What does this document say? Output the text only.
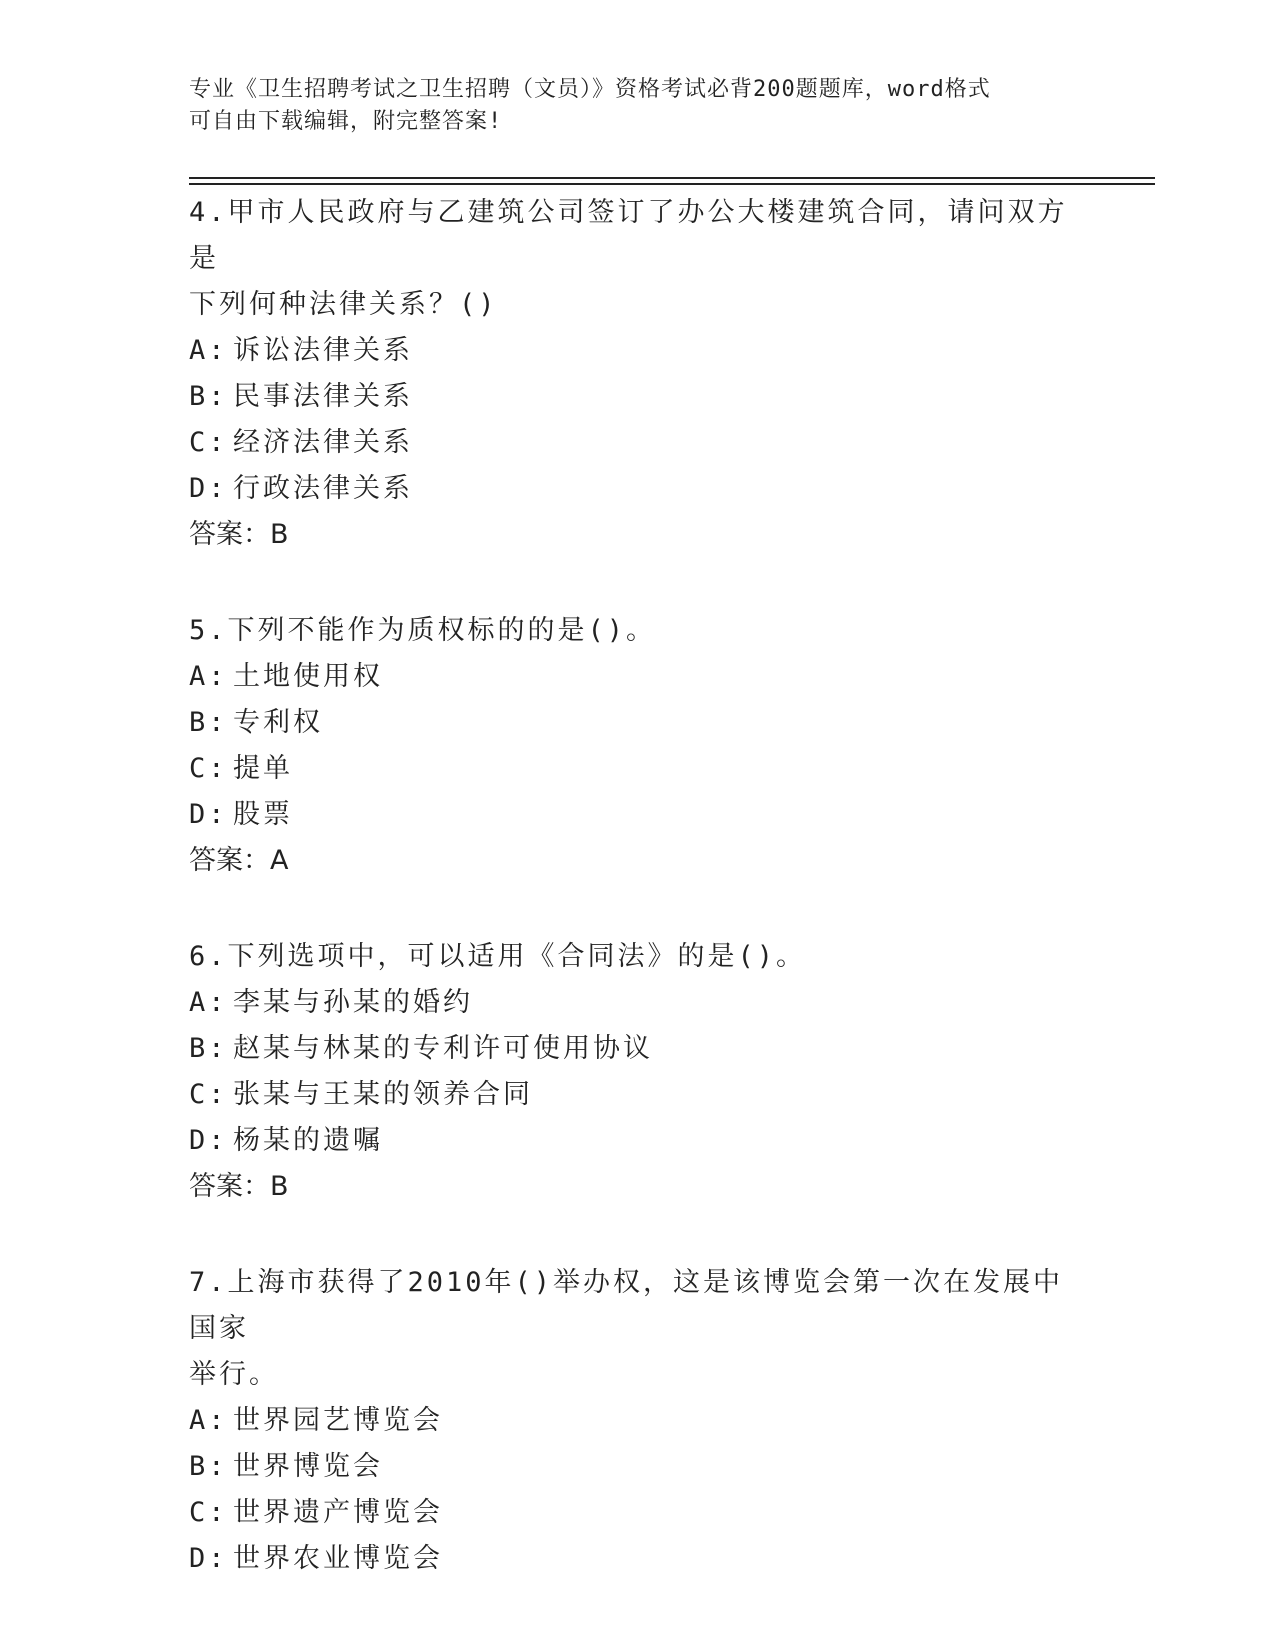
专业《卫生招聘考试之卫生招聘（文员）》资格考试必背200题题库，word格式
可自由下载编辑，附完整答案!

4.甲市人民政府与乙建筑公司签订了办公大楼建筑合同，请问双方是

下列何种法律关系？()

A: 诉讼法律关系

B: 民事法律关系

C: 经济法律关系

D: 行政法律关系

答案：B

5.下列不能作为质权标的的是()。

A: 土地使用权

B: 专利权

C: 提单

D: 股票

答案：A

6.下列选项中，可以适用《合同法》的是()。

A: 李某与孙某的婚约

B: 赵某与林某的专利许可使用协议

C: 张某与王某的领养合同

D: 杨某的遗嘱

答案：B

7.上海市获得了2010年()举办权，这是该博览会第一次在发展中国家

举行。

A: 世界园艺博览会

B: 世界博览会

C: 世界遗产博览会

D: 世界农业博览会
